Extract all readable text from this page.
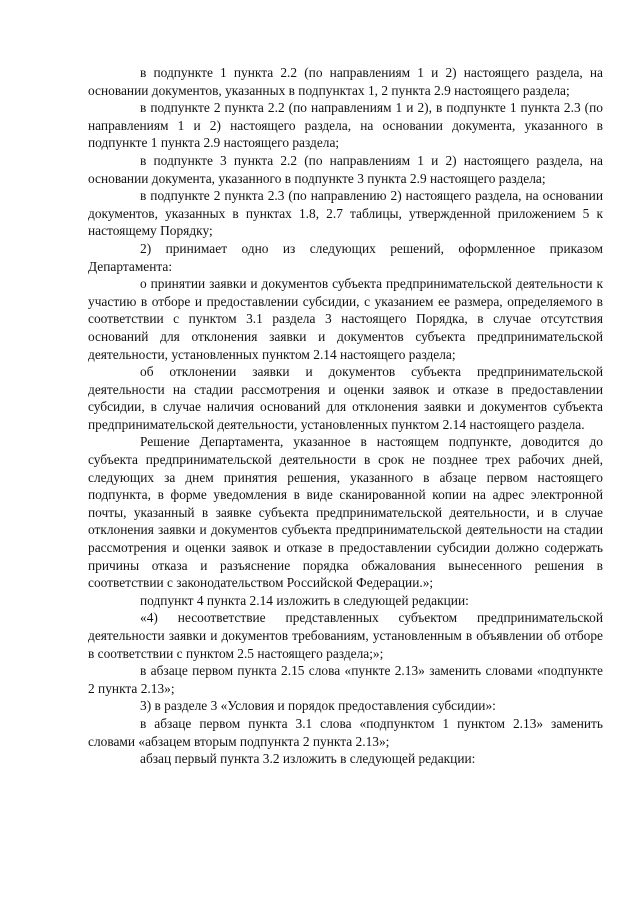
в подпункте 1 пункта 2.2 (по направлениям 1 и 2) настоящего раздела, на основании документов, указанных в подпунктах 1, 2 пункта 2.9 настоящего раздела;

в подпункте 2 пункта 2.2 (по направлениям 1 и 2), в подпункте 1 пункта 2.3 (по направлениям 1 и 2) настоящего раздела, на основании документа, указанного в подпункте 1 пункта 2.9 настоящего раздела;

в подпункте 3 пункта 2.2 (по направлениям 1 и 2) настоящего раздела, на основании документа, указанного в подпункте 3 пункта 2.9 настоящего раздела;

в подпункте 2 пункта 2.3 (по направлению 2) настоящего раздела, на основании документов, указанных в пунктах 1.8, 2.7 таблицы, утвержденной приложением 5 к настоящему Порядку;

2) принимает одно из следующих решений, оформленное приказом Департамента:

о принятии заявки и документов субъекта предпринимательской деятельности к участию в отборе и предоставлении субсидии, с указанием ее размера, определяемого в соответствии с пунктом 3.1 раздела 3 настоящего Порядка, в случае отсутствия оснований для отклонения заявки и документов субъекта предпринимательской деятельности, установленных пунктом 2.14 настоящего раздела;

об отклонении заявки и документов субъекта предпринимательской деятельности на стадии рассмотрения и оценки заявок и отказе в предоставлении субсидии, в случае наличия оснований для отклонения заявки и документов субъекта предпринимательской деятельности, установленных пунктом 2.14 настоящего раздела.

Решение Департамента, указанное в настоящем подпункте, доводится до субъекта предпринимательской деятельности в срок не позднее трех рабочих дней, следующих за днем принятия решения, указанного в абзаце первом настоящего подпункта, в форме уведомления в виде сканированной копии на адрес электронной почты, указанный в заявке субъекта предпринимательской деятельности, и в случае отклонения заявки и документов субъекта предпринимательской деятельности на стадии рассмотрения и оценки заявок и отказе в предоставлении субсидии должно содержать причины отказа и разъяснение порядка обжалования вынесенного решения в соответствии с законодательством Российской Федерации.»;

подпункт 4 пункта 2.14 изложить в следующей редакции:

«4) несоответствие представленных субъектом предпринимательской деятельности заявки и документов требованиям, установленным в объявлении об отборе в соответствии с пунктом 2.5 настоящего раздела;»;

в абзаце первом пункта 2.15 слова «пункте 2.13» заменить словами «подпункте 2 пункта 2.13»;

3) в разделе 3 «Условия и порядок предоставления субсидии»:

в абзаце первом пункта 3.1 слова «подпунктом 1 пунктом 2.13» заменить словами «абзацем вторым подпункта 2 пункта 2.13»;

абзац первый пункта 3.2 изложить в следующей редакции:
